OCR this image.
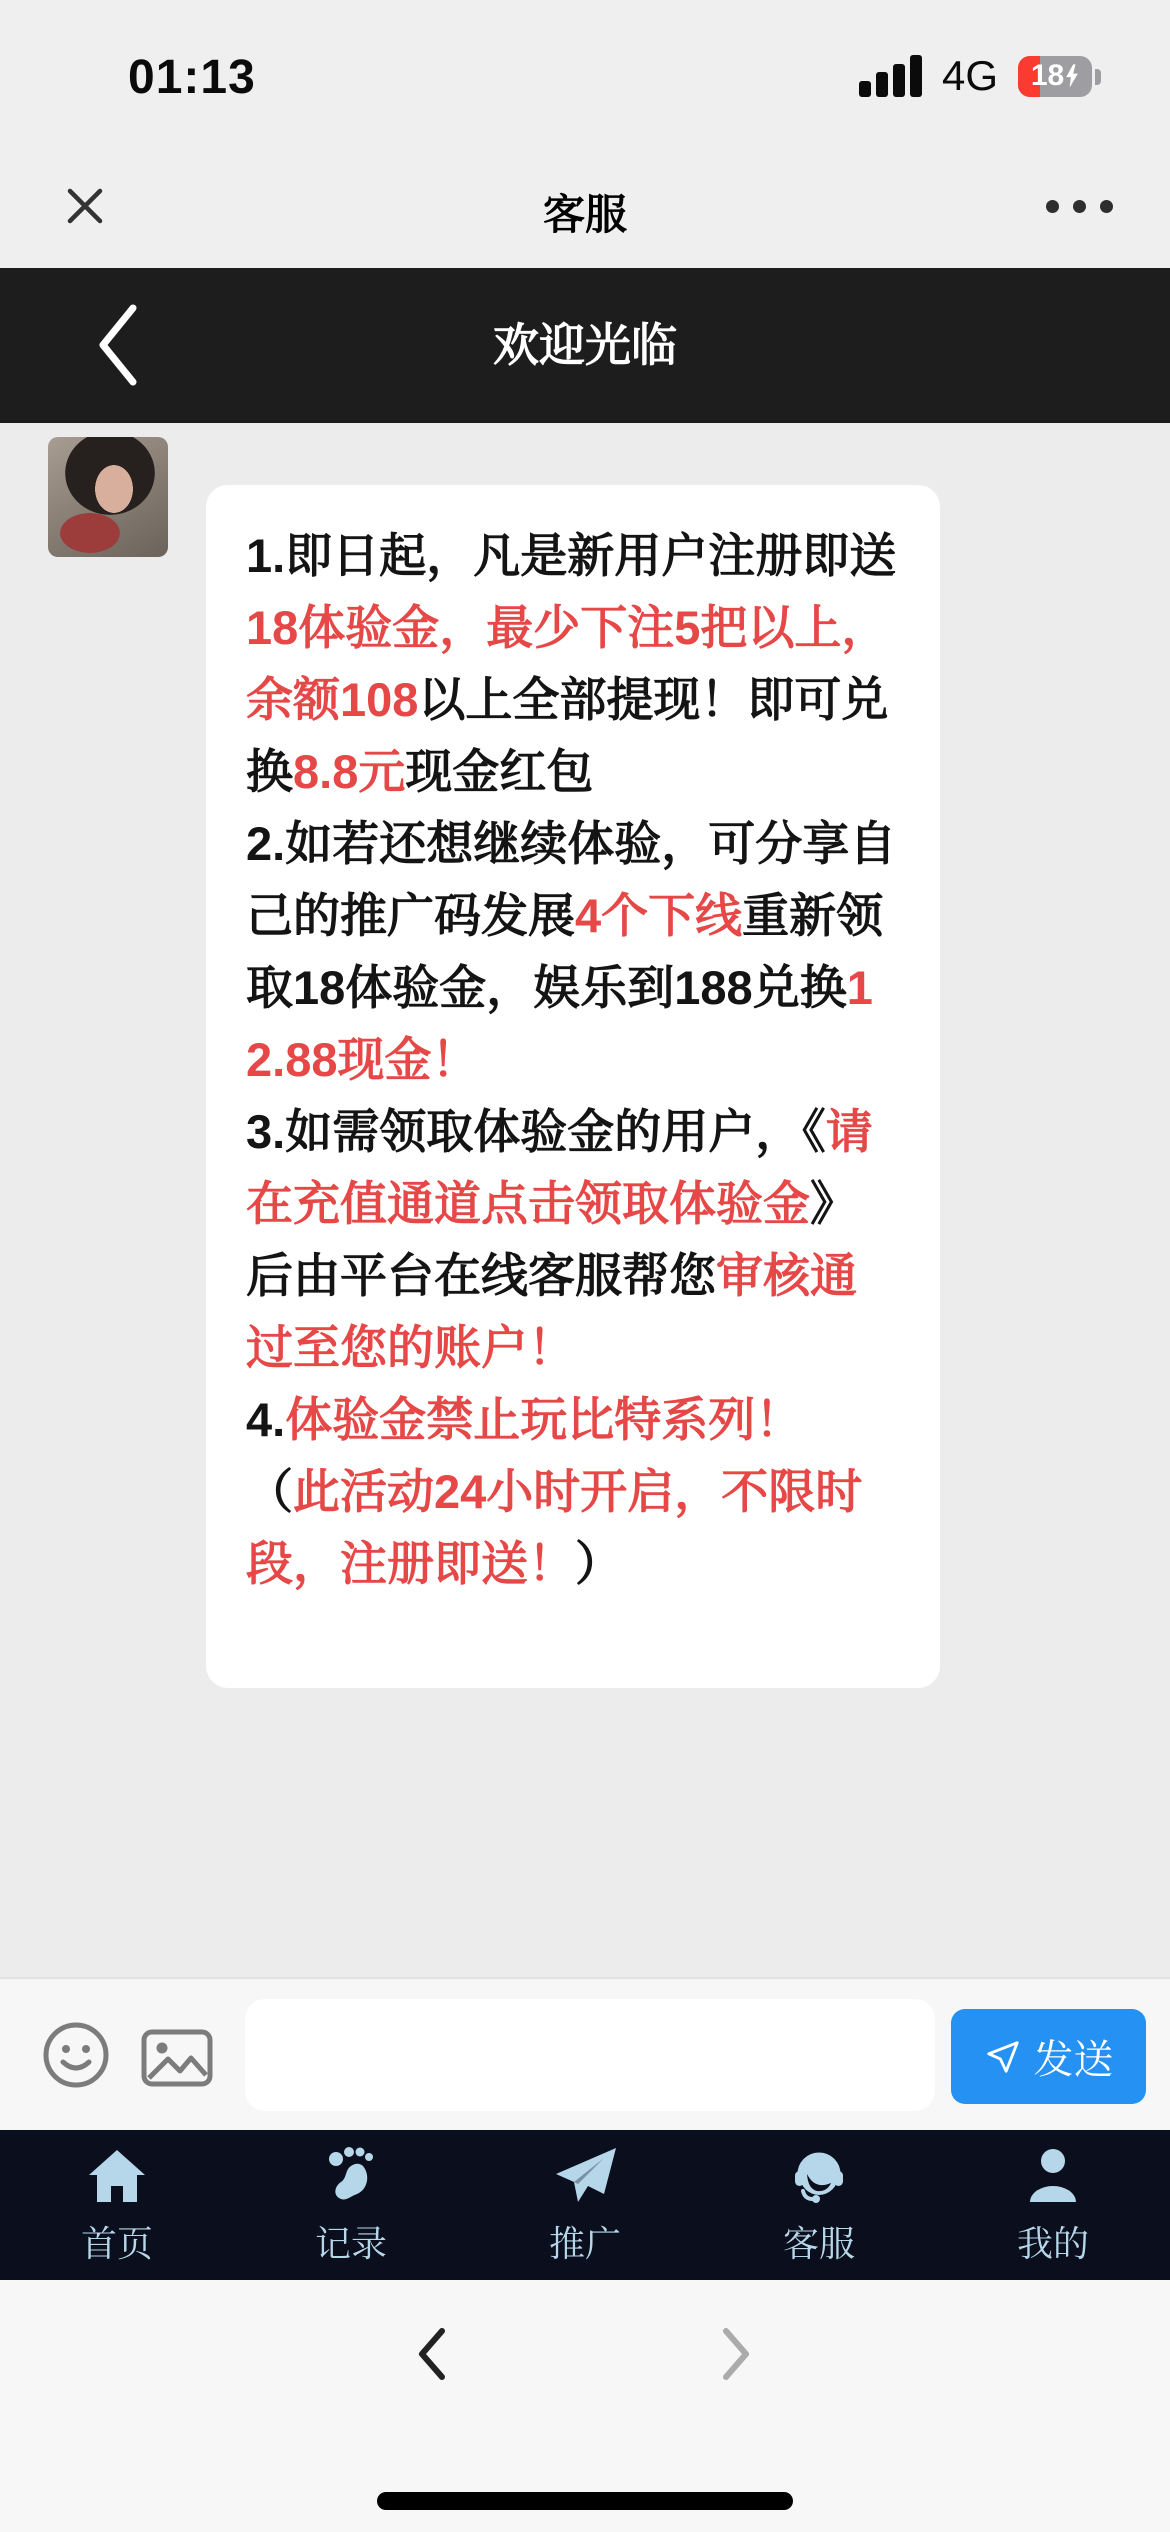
01:13	4G 18
客服
欢迎光临
1.即日起，凡是新用户注册即送18体验金，最少下注5把以上，余额108以上全部提现！即可兑换8.8元现金红包
2.如若还想继续体验，可分享自己的推广码发展4个下线重新领取18体验金，娱乐到188兑换12.88现金！
3.如需领取体验金的用户，《请在充值通道点击领取体验金》后由平台在线客服帮您审核通过至您的账户！
4.体验金禁止玩比特系列！
（此活动24小时开启，不限时段，注册即送！）
发送
首页	记录	推广	客服	我的
